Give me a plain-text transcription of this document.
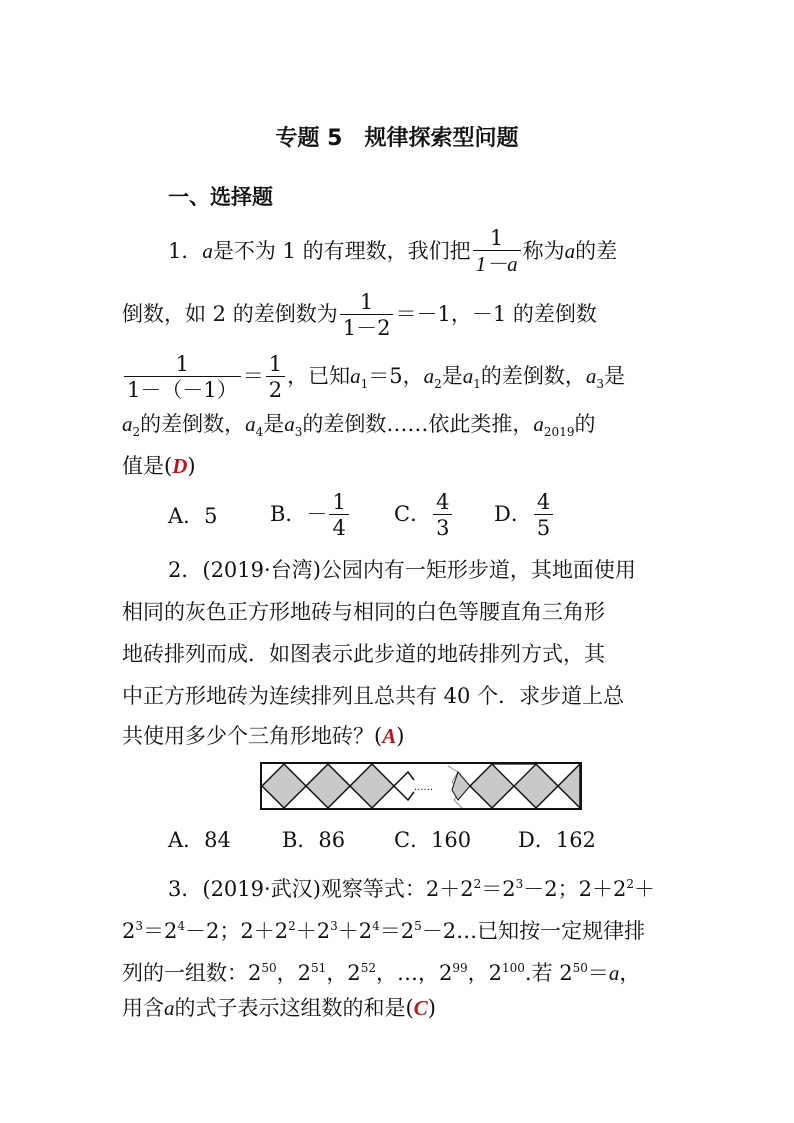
专题 5　规律探索型问题
一、选择题
1．a是不为 1 的有理数，我们把 $\frac{1}{1-a}$ 称为a的差
倒数，如 2 的差倒数为 $\frac{1}{1-2} =-1$，－1 的差倒数
$\frac{1}{1-(-1)} = \frac{1}{2}$ ，已知$a_1=5$，$a_2$是$a_1$的差倒数，$a_3$是
$a_2$的差倒数，$a_4$是$a_3$的差倒数……依此类推，$a_{2019}$的
值是(D)
A．5 B．－ $\frac{1}{4}$ C． $\frac{4}{3}$ D． $\frac{4}{5}$
2．(2019·台湾)公园内有一矩形步道，其地面使用
相同的灰色正方形地砖与相同的白色等腰直角三角形
地砖排列而成．如图表示此步道的地砖排列方式，其
中正方形地砖为连续排列且总共有 40 个．求步道上总
共使用多少个三角形地砖？(A)
......
A．84 B．86 C．160 D．162
3．(2019·武汉)观察等式：$2+2^2=2^3-2$；$2+2^2+$
$2^3=2^4-2$；$2+2^2+2^3+2^4=2^5-2\dots$已知按一定规律排
列的一组数：$2^{50}$，$2^{51}$，$2^{52}$，…，$2^{99}$，$2^{100}$.若 $2^{50}=a$，
用含a的式子表示这组数的和是(C)
